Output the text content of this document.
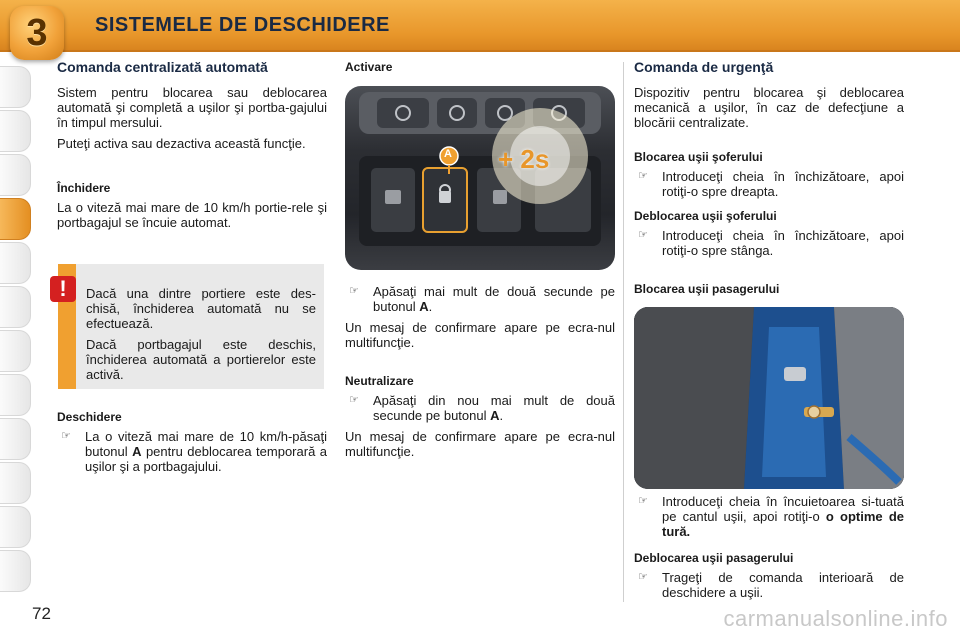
3 SISTEMELE DE DESCHIDERE
Comanda centralizată automată

Sistem pentru blocarea sau deblocarea automată şi completă a uşilor şi portba-gajului în timpul mersului.

Puteţi activa sau dezactiva această funcţie.

Închidere

La o viteză mai mare de 10 km/h portie-rele şi portbagajul se încuie automat.

Dacă una dintre portiere este des-chisă, închiderea automată nu se efectuează.

Dacă portbagajul este deschis, închiderea automată a portierelor este activă.

!
Deschidere
☞	La o viteză mai mare de 10 km/h-păsaţi butonul A pentru deblocarea temporară a uşilor şi a portbagajului.
Activare
A + 2s
☞	Apăsaţi mai mult de două secunde pe butonul A.

Un mesaj de confirmare apare pe ecra-nul multifuncţie.

Neutralizare
☞	Apăsaţi din nou mai mult de două secunde pe butonul A.

Un mesaj de confirmare apare pe ecra-nul multifuncţie.

Comanda de urgenţă

Dispozitiv pentru blocarea şi deblocarea mecanică a uşilor, în caz de defecţiune a blocării centralizate.

Blocarea uşii şoferului
☞	Introduceţi cheia în închizătoare, apoi rotiţi-o spre dreapta.
Deblocarea uşii şoferului
☞	Introduceţi cheia în închizătoare, apoi rotiţi-o spre stânga.
Blocarea uşii pasagerului
☞	Introduceţi cheia în încuietoarea si-tuată pe cantul uşii, apoi rotiţi-o o optime de tură.
Deblocarea uşii pasagerului
☞	Trageţi de comanda interioară de deschidere a uşii.
72	carmanualsonline.info
